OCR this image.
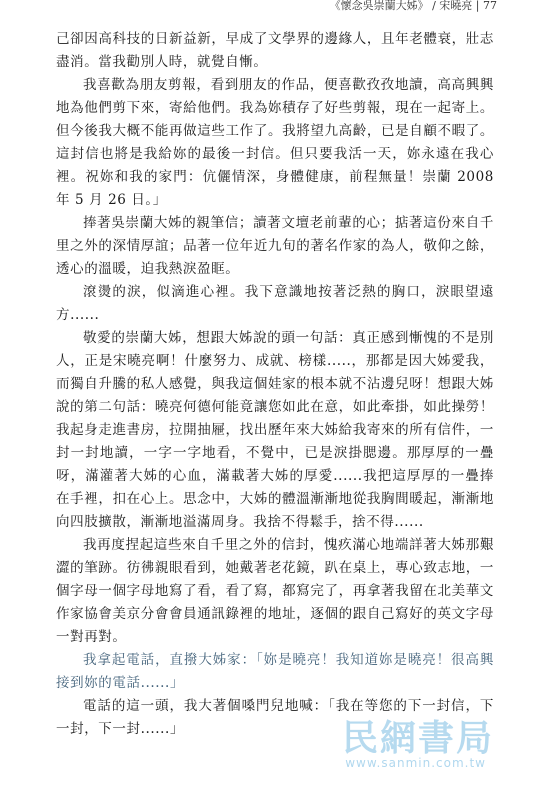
《懷念吳崇蘭大姊》 / 宋曉亮 | 77

己卻因高科技的日新益新，早成了文學界的邊緣人，且年老體衰，壯志盡消。當我勸別人時，就覺自慚。

我喜歡為朋友剪報，看到朋友的作品，便喜歡孜孜地讀，高高興興地為他們剪下來，寄給他們。我為妳積存了好些剪報，現在一起寄上。但今後我大概不能再做這些工作了。我將望九高齡，已是自顧不暇了。這封信也將是我給妳的最後一封信。但只要我活一天，妳永遠在我心裡。祝妳和我的家門：伉儷情深，身體健康，前程無量！崇蘭 2008 年 5 月 26 日。」

捧著吳崇蘭大姊的親筆信；讀著文壇老前輩的心；掂著這份來自千里之外的深情厚誼；品著一位年近九旬的著名作家的為人，敬仰之餘，透心的溫暖，迫我熱淚盈眶。

滾燙的淚，似滴進心裡。我下意識地按著泛熱的胸口，淚眼望遠方......

敬愛的崇蘭大姊，想跟大姊說的頭一句話：真正感到慚愧的不是別人，正是宋曉亮啊！什麼努力、成就、榜樣.....，那都是因大姊愛我，而獨自升騰的私人感覺，與我這個娃家的根本就不沾邊兒呀！想跟大姊說的第二句話：曉亮何德何能竟讓您如此在意，如此牽掛，如此操勞！我起身走進書房，拉開抽屜，找出歷年來大姊給我寄來的所有信件，一封一封地讀，一字一字地看，不覺中，已是淚掛腮邊。那厚厚的一疊呀，滿灌著大姊的心血，滿載著大姊的厚愛......我把這厚厚的一疊捧在手裡，扣在心上。思念中，大姊的體溫漸漸地從我胸間暖起，漸漸地向四肢擴散，漸漸地溢滿周身。我捨不得鬆手，捨不得......

我再度捏起這些來自千里之外的信封，愧疚滿心地端詳著大姊那艱澀的筆跡。彷彿親眼看到，她戴著老花鏡，趴在桌上，專心致志地，一個字母一個字母地寫了看，看了寫，都寫完了，再拿著我留在北美華文作家協會美京分會會員通訊錄裡的地址，逐個的跟自己寫好的英文字母一對再對。

我拿起電話，直撥大姊家：「妳是曉亮！我知道妳是曉亮！很高興接到妳的電話......」

電話的這一頭，我大著個嗓門兒地喊：「我在等您的下一封信，下一封，下一封......」	民網書局
www.sanmin.com.tw
